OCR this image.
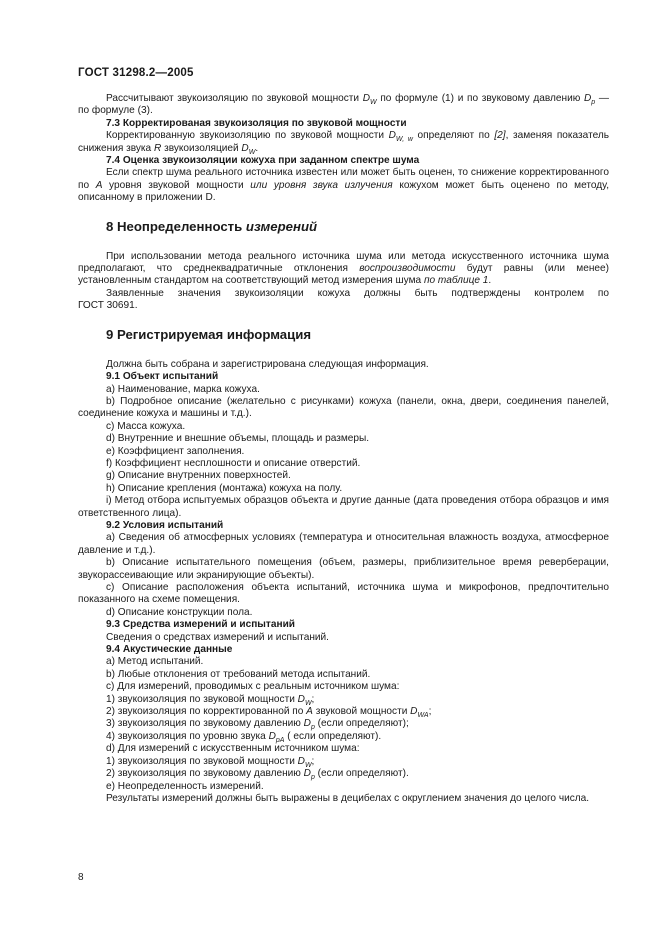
ГОСТ 31298.2—2005

Рассчитывают звукоизоляцию по звуковой мощности $D_W$ по формуле (1) и по звуковому давлению $D_p$ — по формуле (3).

7.3 Корректированая звукоизоляция по звуковой мощности

Корректированную звукоизоляцию по звуковой мощности $D_{W, w}$ определяют по [2], заменяя показатель снижения звука R звукоизоляцией $D_W$.

7.4 Оценка звукоизоляции кожуха при заданном спектре шума

Если спектр шума реального источника известен или может быть оценен, то снижение корректированного по A уровня звуковой мощности или уровня звука излучения кожухом может быть оценено по методу, описанному в приложении D.

8 Неопределенность измерений

При использовании метода реального источника шума или метода искусственного источника шума предполагают, что среднеквадратичные отклонения воспроизводимости будут равны (или менее) установленным стандартом на соответствующий метод измерения шума по таблице 1.

Заявленные значения звукоизоляции кожуха должны быть подтверждены контролем по

ГОСТ 30691.

9 Регистрируемая информация

Должна быть собрана и зарегистрирована следующая информация.

9.1 Объект испытаний

а) Наименование, марка кожуха.

b) Подробное описание (желательно с рисунками) кожуха (панели, окна, двери, соединения панелей, соединение кожуха и машины и т.д.).

c) Масса кожуха.

d) Внутренние и внешние объемы, площадь и размеры.

e) Коэффициент заполнения.

f) Коэффициент несплошности и описание отверстий.

g) Описание внутренних поверхностей.

h) Описание крепления (монтажа) кожуха на полу.

i) Метод отбора испытуемых образцов объекта и другие данные (дата проведения отбора образцов и имя ответственного лица).

9.2 Условия испытаний

а) Сведения об атмосферных условиях (температура и относительная влажность воздуха, атмосферное давление и т.д.).

b) Описание испытательного помещения (объем, размеры, приблизительное время реверберации, звукорассеивающие или экранирующие объекты).

c) Описание расположения объекта испытаний, источника шума и микрофонов, предпочтительно показанного на схеме помещения.

d) Описание конструкции пола.

9.3 Средства измерений и испытаний

Сведения о средствах измерений и испытаний.

9.4 Акустические данные

а) Метод испытаний.

b) Любые отклонения от требований метода испытаний.

c) Для измерений, проводимых с реальным источником шума:

1) звукоизоляция по звуковой мощности $D_W$;

2) звукоизоляция по корректированной по A звуковой мощности $D_{WA}$;

3) звукоизоляция по звуковому давлению $D_p$ (если определяют);

4) звукоизоляция по уровню звука $D_{pA}$ ( если определяют).

d) Для измерений с искусственным источником шума:

1) звукоизоляция по звуковой мощности $D_W$;

2) звукоизоляция по звуковому давлению $D_p$ (если определяют).

e) Неопределенность измерений.

Результаты измерений должны быть выражены в децибелах с округлением значения до целого числа.

8
